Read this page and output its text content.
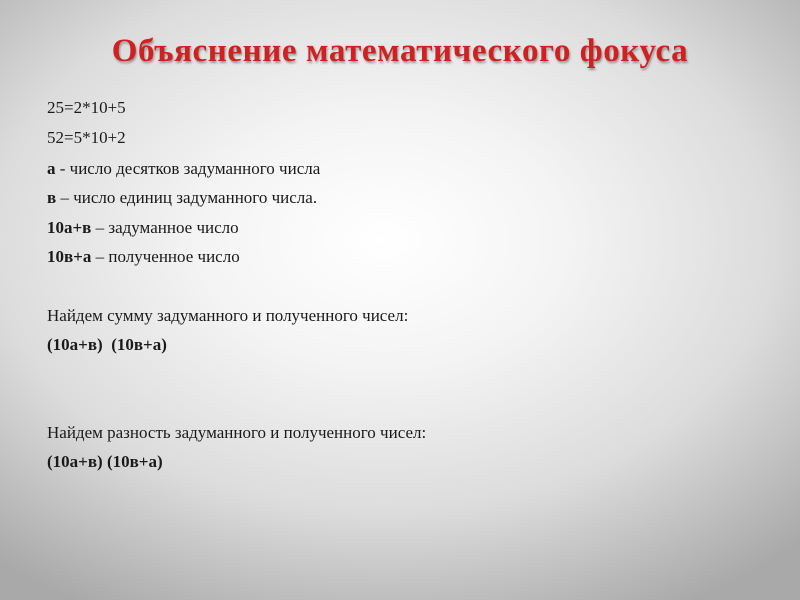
Объяснение математического фокуса
25=2*10+5
52=5*10+2
а - число десятков задуманного числа
в – число единиц задуманного числа.
10а+в – задуманное число
10в+а – полученное число
Найдем сумму задуманного и полученного чисел:
(10а+в)  (10в+а)
Найдем разность задуманного и полученного чисел:
(10а+в) (10в+а)
